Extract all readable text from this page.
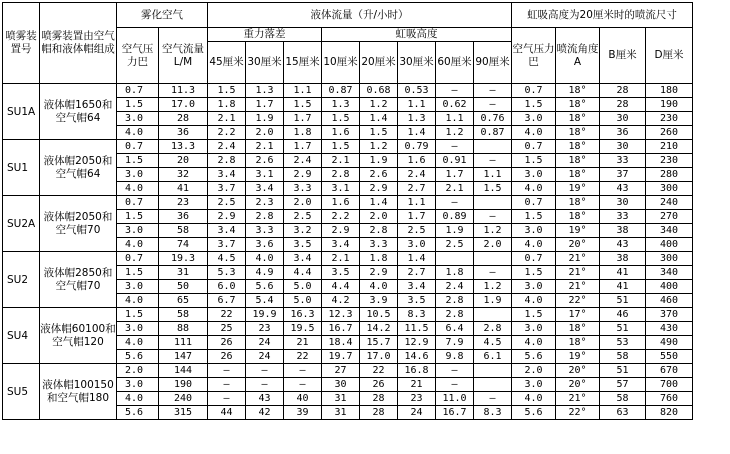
喷雾装置号	喷雾装置由空气帽和液体帽组成	雾化空气		液体流量（升/小时）								虹吸高度为20厘米时的喷流尺寸			
		空气压力巴	空气流量L/M	重力落差			虹吸高度					空气压力巴	喷流角度A	B厘米	D厘米
				45厘米	30厘米	15厘米	10厘米	20厘米	30厘米	60厘米	90厘米				
SU1A	液体帽1650和空气帽64	0.7	11.3	1.5	1.3	1.1	0.87	0.68	0.53	–	–	0.7	18°	28	180
		1.5	17.0	1.8	1.7	1.5	1.3	1.2	1.1	0.62	–	1.5	18°	28	190
		3.0	28	2.1	1.9	1.7	1.5	1.4	1.3	1.1	0.76	3.0	18°	30	230
		4.0	36	2.2	2.0	1.8	1.6	1.5	1.4	1.2	0.87	4.0	18°	36	260
SU1	液体帽2050和空气帽64	0.7	13.3	2.4	2.1	1.7	1.5	1.2	0.79	–		0.7	18°	30	210
		1.5	20	2.8	2.6	2.4	2.1	1.9	1.6	0.91	–	1.5	18°	33	230
		3.0	32	3.4	3.1	2.9	2.8	2.6	2.4	1.7	1.1	3.0	18°	37	280
		4.0	41	3.7	3.4	3.3	3.1	2.9	2.7	2.1	1.5	4.0	19°	43	300
SU2A	液体帽2050和空气帽70	0.7	23	2.5	2.3	2.0	1.6	1.4	1.1	–		0.7	18°	30	240
		1.5	36	2.9	2.8	2.5	2.2	2.0	1.7	0.89	–	1.5	18°	33	270
		3.0	58	3.4	3.3	3.2	2.9	2.8	2.5	1.9	1.2	3.0	19°	38	340
		4.0	74	3.7	3.6	3.5	3.4	3.3	3.0	2.5	2.0	4.0	20°	43	400
SU2	液体帽2850和空气帽70	0.7	19.3	4.5	4.0	3.4	2.1	1.8	1.4			0.7	21°	38	300
		1.5	31	5.3	4.9	4.4	3.5	2.9	2.7	1.8	–	1.5	21°	41	340
		3.0	50	6.0	5.6	5.0	4.4	4.0	3.4	2.4	1.2	3.0	21°	41	400
		4.0	65	6.7	5.4	5.0	4.2	3.9	3.5	2.8	1.9	4.0	22°	51	460
SU4	液体帽60100和空气帽120	1.5	58	22	19.9	16.3	12.3	10.5	8.3	2.8		1.5	17°	46	370
		3.0	88	25	23	19.5	16.7	14.2	11.5	6.4	2.8	3.0	18°	51	430
		4.0	111	26	24	21	18.4	15.7	12.9	7.9	4.5	4.0	18°	53	490
		5.6	147	26	24	22	19.7	17.0	14.6	9.8	6.1	5.6	19°	58	550
SU5	液体帽100150和空气帽180	2.0	144	–	–	–	27	22	16.8	–		2.0	20°	51	670
		3.0	190	–	–	–	30	26	21	–		3.0	20°	57	700
		4.0	240	–	43	40	31	28	23	11.0	–	4.0	21°	58	760
		5.6	315	44	42	39	31	28	24	16.7	8.3	5.6	22°	63	820
